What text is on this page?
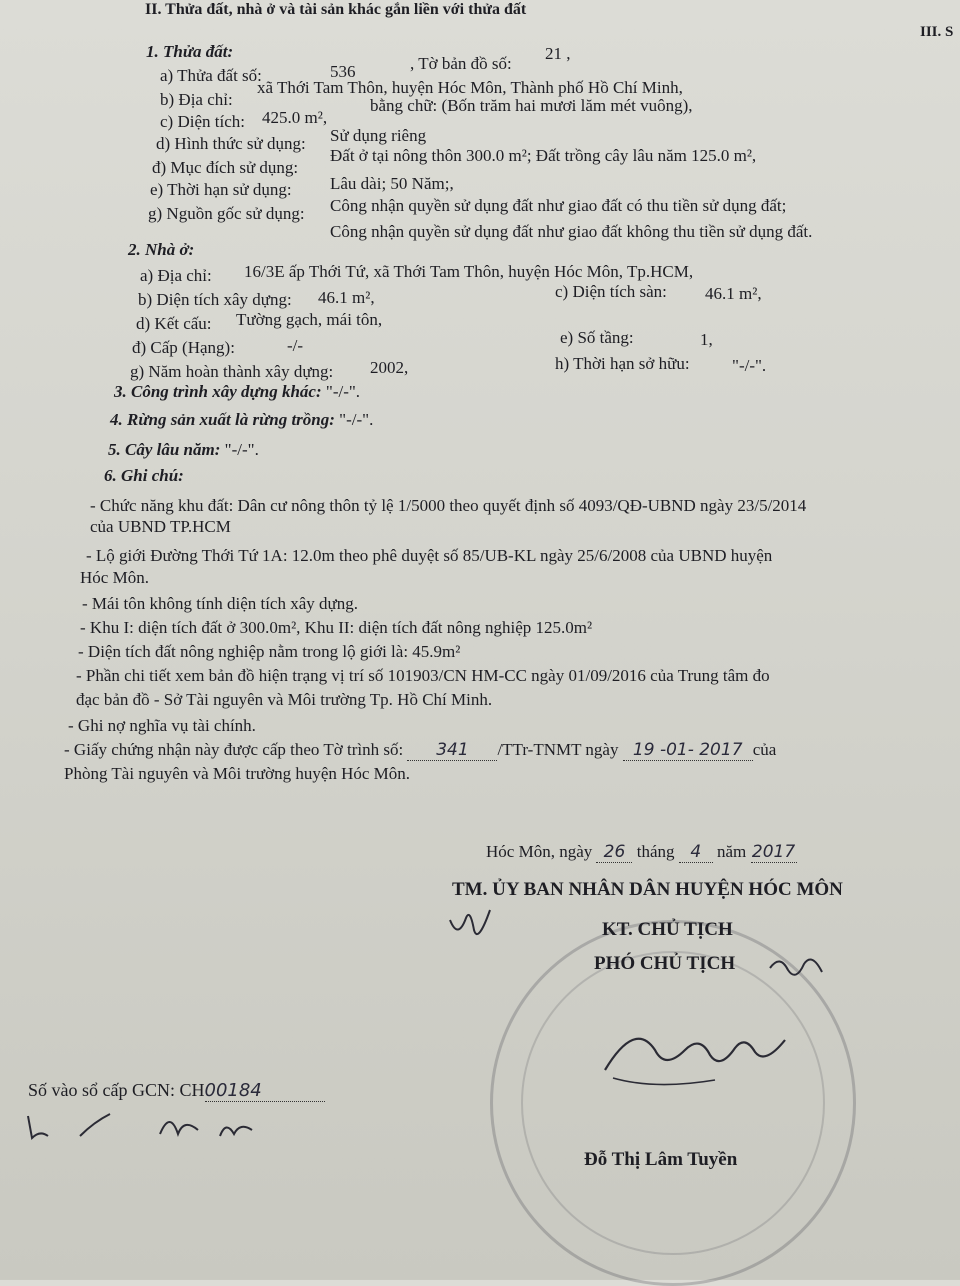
II. Thửa đất, nhà ở và tài sản khác gắn liền với thửa đất
III. S
1. Thửa đất:
a) Thửa đất số:	536	, Tờ bản đồ số:
21 ,
b) Địa chỉ:
xã Thới Tam Thôn, huyện Hóc Môn, Thành phố Hồ Chí Minh,
c) Diện tích: 425.0 m²,
bằng chữ: (Bốn trăm hai mươi lăm mét vuông),
d) Hình thức sử dụng: Sử dụng riêng
đ) Mục đích sử dụng:
Đất ở tại nông thôn 300.0 m²; Đất trồng cây lâu năm 125.0 m²,
e) Thời hạn sử dụng: Lâu dài; 50 Năm;,
g) Nguồn gốc sử dụng: Công nhận quyền sử dụng đất như giao đất có thu tiền sử dụng đất;
Công nhận quyền sử dụng đất như giao đất không thu tiền sử dụng đất.
2. Nhà ở:
a) Địa chỉ: 16/3E ấp Thới Tứ, xã Thới Tam Thôn, huyện Hóc Môn, Tp.HCM,
b) Diện tích xây dựng: 46.1 m²,	c) Diện tích sàn: 46.1 m²,
d) Kết cấu: Tường gạch, mái tôn,
e) Số tầng:	1,
đ) Cấp (Hạng):	-/-
g) Năm hoàn thành xây dựng: 2002,	h) Thời hạn sở hữu: "-/-".
3. Công trình xây dựng khác: "-/-".
4. Rừng sản xuất là rừng trồng: "-/-".
5. Cây lâu năm: "-/-".
6. Ghi chú:
- Chức năng khu đất: Dân cư nông thôn tỷ lệ 1/5000 theo quyết định số 4093/QĐ-UBND ngày 23/5/2014
của UBND TP.HCM
- Lộ giới Đường Thới Tứ 1A: 12.0m theo phê duyệt số 85/UB-KL ngày 25/6/2008 của UBND huyện
Hóc Môn.
- Mái tôn không tính diện tích xây dựng.
- Khu I: diện tích đất ở 300.0m², Khu II: diện tích đất nông nghiệp 125.0m²
- Diện tích đất nông nghiệp nằm trong lộ giới là: 45.9m²
- Phần chi tiết xem bản đồ hiện trạng vị trí số 101903/CN HM-CC ngày 01/09/2016 của Trung tâm đo
đạc bản đồ - Sở Tài nguyên và Môi trường Tp. Hồ Chí Minh.
- Ghi nợ nghĩa vụ tài chính.
- Giấy chứng nhận này được cấp theo Tờ trình số: 341 /TTr-TNMT ngày 19 -01- 2017 của
Phòng Tài nguyên và Môi trường huyện Hóc Môn.
Hóc Môn, ngày 26 tháng 4 năm 2017
TM. ỦY BAN NHÂN DÂN HUYỆN HÓC MÔN
KT. CHỦ TỊCH
PHÓ CHỦ TỊCH
Đỗ Thị Lâm Tuyền
Số vào sổ cấp GCN: CH00184
